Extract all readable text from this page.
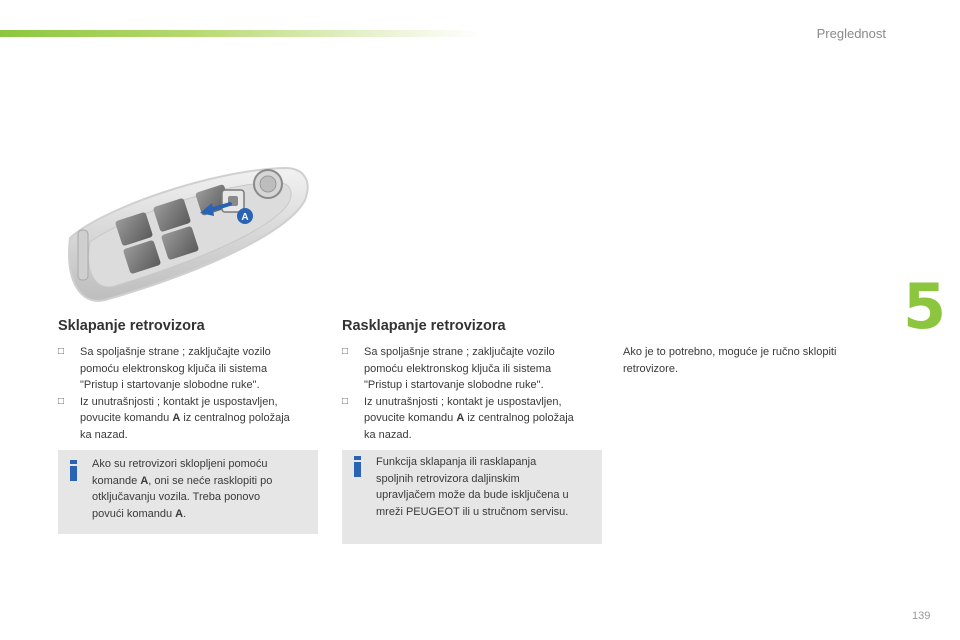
Preglednost
5
A
Sklapanje retrovizora
□ Sa spoljašnje strane ; zaključajte vozilo
pomoću elektronskog ključa ili sistema
"Pristup i startovanje slobodne ruke".
□ Iz unutrašnjosti ; kontakt je uspostavljen,
povucite komandu A iz centralnog položaja
ka nazad.
Ako su retrovizori sklopljeni pomoću
komande A, oni se neće rasklopiti po
otključavanju vozila. Treba ponovo
povući komandu A.
Rasklapanje retrovizora
□ Sa spoljašnje strane ; zaključajte vozilo
pomoću elektronskog ključa ili sistema
"Pristup i startovanje slobodne ruke".
□ Iz unutrašnjosti ; kontakt je uspostavljen,
povucite komandu A iz centralnog položaja
ka nazad.
Funkcija sklapanja ili rasklapanja
spoljnih retrovizora daljinskim
upravljačem može da bude isključena u
mreži PEUGEOT ili u stručnom servisu.
Ako je to potrebno, moguće je ručno sklopiti
retrovizore.
139
